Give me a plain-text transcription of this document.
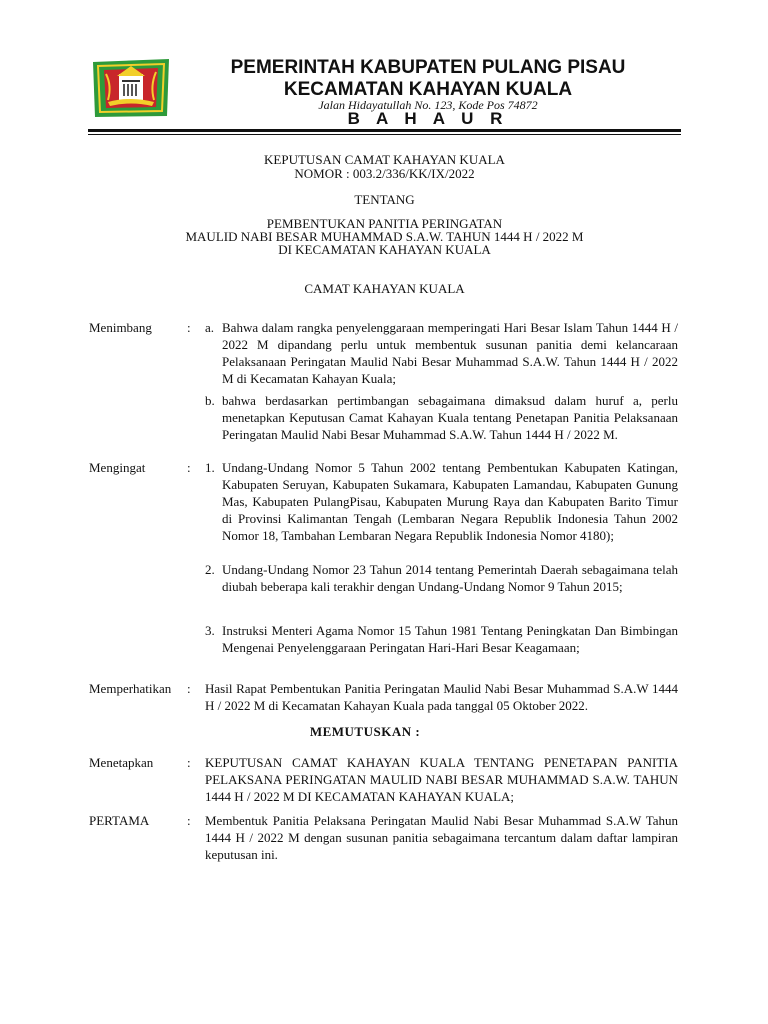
PEMERINTAH KABUPATEN PULANG PISAU
KECAMATAN KAHAYAN KUALA
Jalan Hidayatullah No. 123, Kode Pos 74872
B A H A U R
KEPUTUSAN CAMAT KAHAYAN KUALA
NOMOR : 003.2/336/KK/IX/2022
TENTANG
PEMBENTUKAN PANITIA PERINGATAN
MAULID NABI BESAR MUHAMMAD S.A.W. TAHUN 1444 H / 2022 M
DI KECAMATAN KAHAYAN KUALA
CAMAT KAHAYAN KUALA
Menimbang	: a. Bahwa dalam rangka penyelenggaraan memperingati Hari Besar Islam Tahun 1444 H / 2022 M dipandang perlu untuk membentuk susunan panitia demi kelancaraan Pelaksanaan Peringatan Maulid Nabi Besar Muhammad S.A.W. Tahun 1444 H / 2022 M di Kecamatan Kahayan Kuala;
b. bahwa berdasarkan pertimbangan sebagaimana dimaksud dalam huruf a, perlu menetapkan Keputusan Camat Kahayan Kuala tentang Penetapan Panitia Pelaksanaan Peringatan Maulid Nabi Besar Muhammad S.A.W. Tahun 1444 H / 2022 M.
Mengingat	: 1. Undang-Undang Nomor 5 Tahun 2002 tentang Pembentukan Kabupaten Katingan, Kabupaten Seruyan, Kabupaten Sukamara, Kabupaten Lamandau, Kabupaten Gunung Mas, Kabupaten PulangPisau, Kabupaten Murung Raya dan Kabupaten Barito Timur di Provinsi Kalimantan Tengah (Lembaran Negara Republik Indonesia Tahun 2002 Nomor 18, Tambahan Lembaran Negara Republik Indonesia Nomor 4180);
2. Undang-Undang Nomor 23 Tahun 2014 tentang Pemerintah Daerah sebagaimana telah diubah beberapa kali terakhir dengan Undang-Undang Nomor 9 Tahun 2015;
3. Instruksi Menteri Agama Nomor 15 Tahun 1981 Tentang Peningkatan Dan Bimbingan Mengenai Penyelenggaraan Peringatan Hari-Hari Besar Keagamaan;
Memperhatikan : Hasil Rapat Pembentukan Panitia Peringatan Maulid Nabi Besar Muhammad S.A.W 1444 H / 2022 M di Kecamatan Kahayan Kuala pada tanggal 05 Oktober 2022.
MEMUTUSKAN :
Menetapkan	: KEPUTUSAN CAMAT KAHAYAN KUALA TENTANG PENETAPAN PANITIA PELAKSANA PERINGATAN MAULID NABI BESAR MUHAMMAD S.A.W. TAHUN 1444 H / 2022 M DI KECAMATAN KAHAYAN KUALA;
PERTAMA	: Membentuk Panitia Pelaksana Peringatan Maulid Nabi Besar Muhammad S.A.W Tahun 1444 H / 2022 M dengan susunan panitia sebagaimana tercantum dalam daftar lampiran keputusan ini.
